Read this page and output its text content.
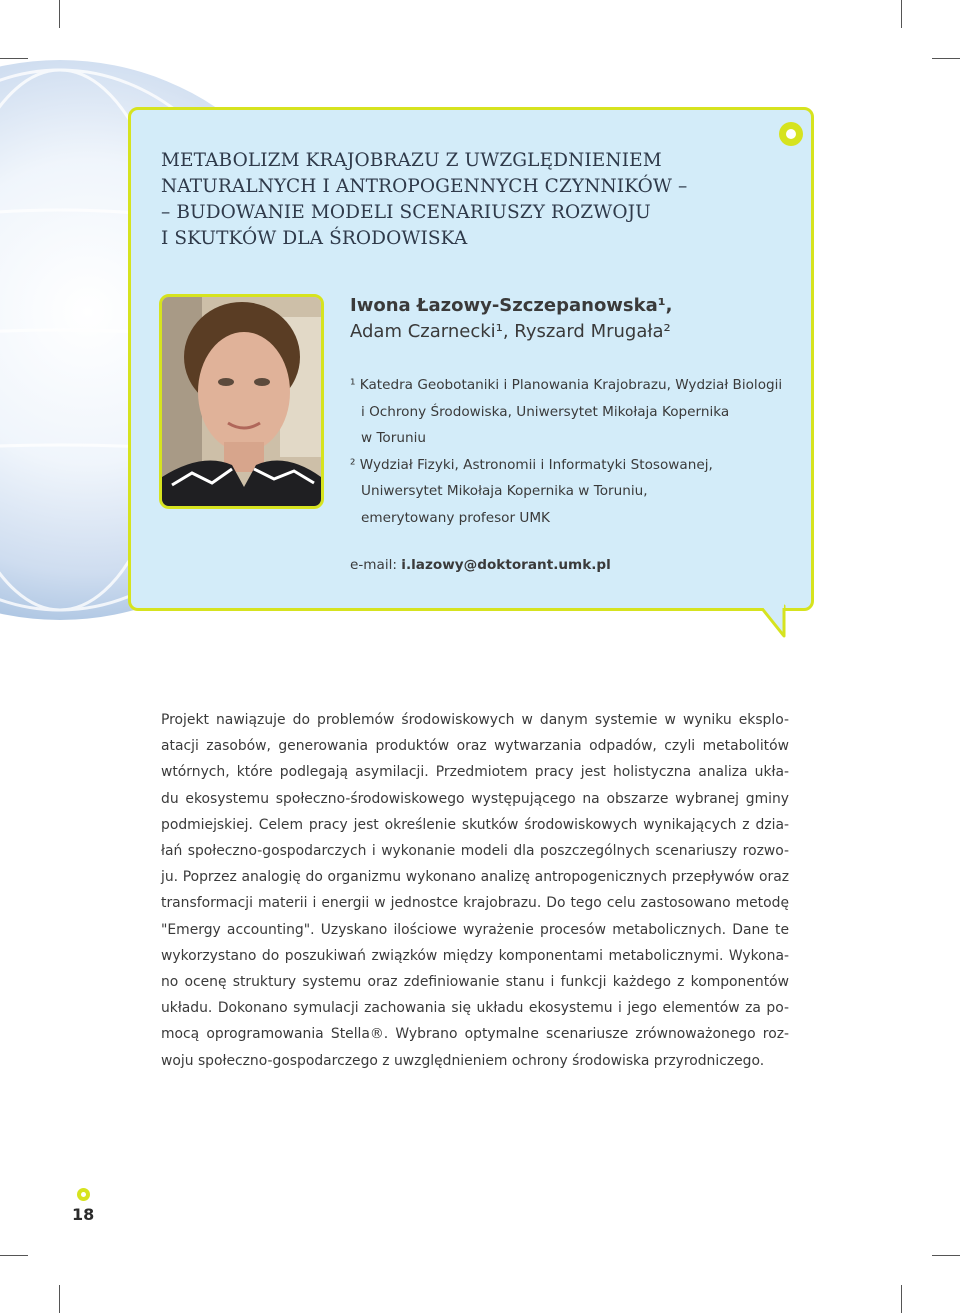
METABOLIZM KRAJOBRAZU Z UWZGLĘDNIENIEM
NATURALNYCH I ANTROPOGENNYCH CZYNNIKÓW –
– BUDOWANIE MODELI SCENARIUSZY ROZWOJU
I SKUTKÓW DLA ŚRODOWISKA
Iwona Łazowy-Szczepanowska¹,
Adam Czarnecki¹, Ryszard Mrugała²
¹ Katedra Geobotaniki i Planowania Krajobrazu, Wydział Biologii
i Ochrony Środowiska, Uniwersytet Mikołaja Kopernika
w Toruniu
² Wydział Fizyki, Astronomii i Informatyki Stosowanej,
Uniwersytet Mikołaja Kopernika w Toruniu,
emerytowany profesor UMK
e-mail: i.lazowy@doktorant.umk.pl
Projekt nawiązuje do problemów środowiskowych w danym systemie w wyniku eksplo-
atacji zasobów, generowania produktów oraz wytwarzania odpadów, czyli metabolitów
wtórnych, które podlegają asymilacji. Przedmiotem pracy jest holistyczna analiza ukła-
du ekosystemu społeczno-środowiskowego występującego na obszarze wybranej gminy
podmiejskiej. Celem pracy jest określenie skutków środowiskowych wynikających z dzia-
łań społeczno-gospodarczych i wykonanie modeli dla poszczególnych scenariuszy rozwo-
ju. Poprzez analogię do organizmu wykonano analizę antropogenicznych przepływów oraz
transformacji materii i energii w jednostce krajobrazu. Do tego celu zastosowano metodę
"Emergy accounting". Uzyskano ilościowe wyrażenie procesów metabolicznych. Dane te
wykorzystano do poszukiwań związków między komponentami metabolicznymi. Wykona-
no ocenę struktury systemu oraz zdefiniowanie stanu i funkcji każdego z komponentów
układu. Dokonano symulacji zachowania się układu ekosystemu i jego elementów za po-
mocą oprogramowania Stella®. Wybrano optymalne scenariusze zrównoważonego roz-
woju społeczno-gospodarczego z uwzględnieniem ochrony środowiska przyrodniczego.
18
